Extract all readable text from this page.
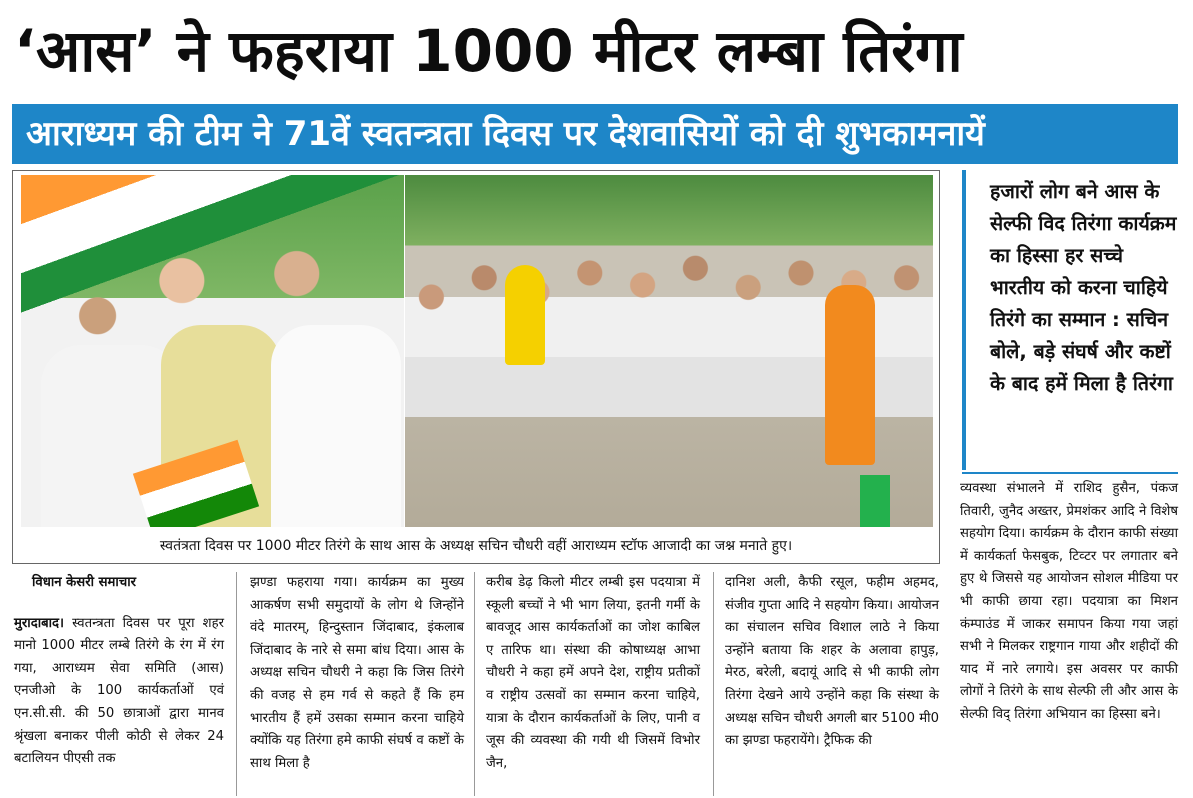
‘आस’ ने फहराया 1000 मीटर लम्बा तिरंगा
आराध्यम की टीम ने 71वें स्वतन्त्रता दिवस पर देशवासियों को दी शुभकामनायें
स्वतंत्रता दिवस पर 1000 मीटर तिरंगे के साथ आस के अध्यक्ष सचिन चौधरी वहीं आराध्यम स्टॉफ आजादी का जश्न मनाते हुए।
हजारों लोग बने आस के सेल्फी विद तिरंगा कार्यक्रम का हिस्सा हर सच्चे भारतीय को करना चाहिये तिरंगे का सम्मान : सचिन बोले, बड़े संघर्ष और कष्टों के बाद हमें मिला है तिरंगा

विधान केसरी समाचार

मुरादाबाद। स्वतन्त्रता दिवस पर पूरा शहर मानो 1000 मीटर लम्बे तिरंगे के रंग में रंग गया, आराध्यम सेवा समिति (आस) एनजीओ के 100 कार्यकर्ताओं एवं एन.सी.सी. की 50 छात्राओं द्वारा मानव श्रृंखला बनाकर पीली कोठी से लेकर 24 बटालियन पीएसी तक

झण्डा फहराया गया। कार्यक्रम का मुख्य आकर्षण सभी समुदायों के लोग थे जिन्होंने वंदे मातरम्, हिन्दुस्तान जिंदाबाद, इंकलाब जिंदाबाद के नारे से समा बांध दिया। आस के अध्यक्ष सचिन चौधरी ने कहा कि जिस तिरंगे की वजह से हम गर्व से कहते हैं कि हम भारतीय हैं हमें उसका सम्मान करना चाहिये क्योंकि यह तिरंगा हमे काफी संघर्ष व कष्टों के साथ मिला है

करीब डेढ़ किलो मीटर लम्बी इस पदयात्रा में स्कूली बच्चों ने भी भाग लिया, इतनी गर्मी के बावजूद आस कार्यकर्ताओं का जोश काबिल ए तारिफ था। संस्था की कोषाध्यक्ष आभा चौधरी ने कहा हमें अपने देश, राष्ट्रीय प्रतीकों व राष्ट्रीय उत्सवों का सम्मान करना चाहिये, यात्रा के दौरान कार्यकर्ताओं के लिए, पानी व जूस की व्यवस्था की गयी थी जिसमें विभोर जैन,

दानिश अली, कैफी रसूल, फहीम अहमद, संजीव गुप्ता आदि ने सहयोग किया। आयोजन का संचालन सचिव विशाल लाठे ने किया उन्होंने बताया कि शहर के अलावा हापुड़, मेरठ, बरेली, बदायूं आदि से भी काफी लोग तिरंगा देखने आये उन्होंने कहा कि संस्था के अध्यक्ष सचिन चौधरी अगली बार 5100 मी0 का झण्डा फहरायेंगे। ट्रैफिक की

व्यवस्था संभालने में राशिद हुसैन, पंकज तिवारी, जुनैद अख्तर, प्रेमशंकर आदि ने विशेष सहयोग दिया। कार्यक्रम के दौरान काफी संख्या में कार्यकर्ता फेसबुक, टिव्टर पर लगातार बने हुए थे जिससे यह आयोजन सोशल मीडिया पर भी काफी छाया रहा। पदयात्रा का मिशन कंम्पाउंड में जाकर समापन किया गया जहां सभी ने मिलकर राष्ट्रगान गाया और शहीदों की याद में नारे लगाये। इस अवसर पर काफी लोगों ने तिरंगे के साथ सेल्फी ली और आस के सेल्फी विद् तिरंगा अभियान का हिस्सा बने।
